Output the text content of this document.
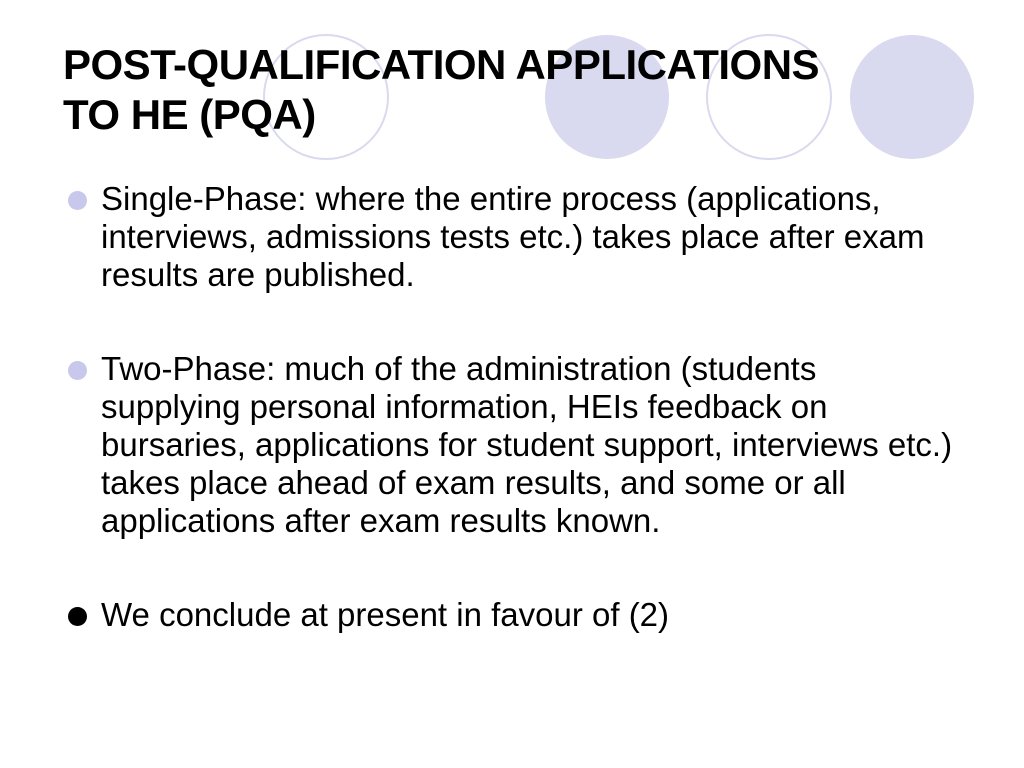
POST-QUALIFICATION APPLICATIONS
TO HE (PQA)
Single-Phase: where the entire process (applications, interviews, admissions tests etc.) takes place after exam results are published.
Two-Phase: much of the administration (students supplying personal information, HEIs feedback on bursaries, applications for student support, interviews etc.) takes place ahead of exam results, and some or all applications after exam results known.
We conclude at present in favour of (2)
